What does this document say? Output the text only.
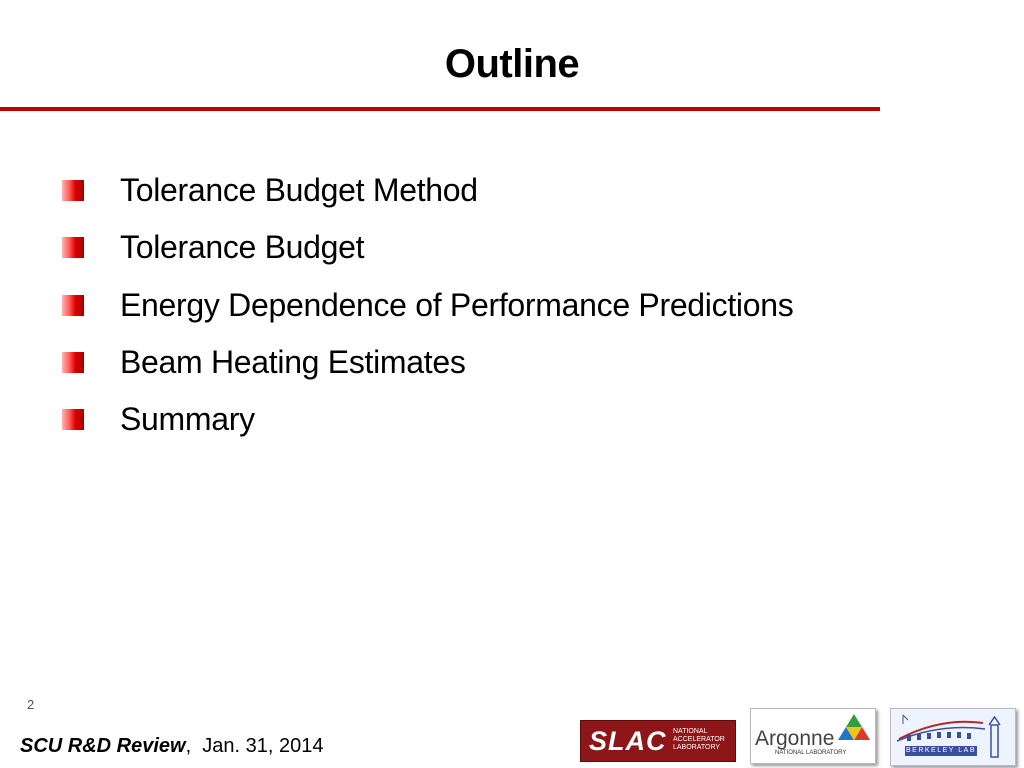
Outline
Tolerance Budget Method
Tolerance Budget
Energy Dependence of Performance Predictions
Beam Heating Estimates
Summary
2
SCU R&D Review, Jan. 31, 2014	SLAC NATIONAL
ACCELERATOR
LABORATORY	Argonne
NATIONAL LABORATORY	BERKELEY LAB
